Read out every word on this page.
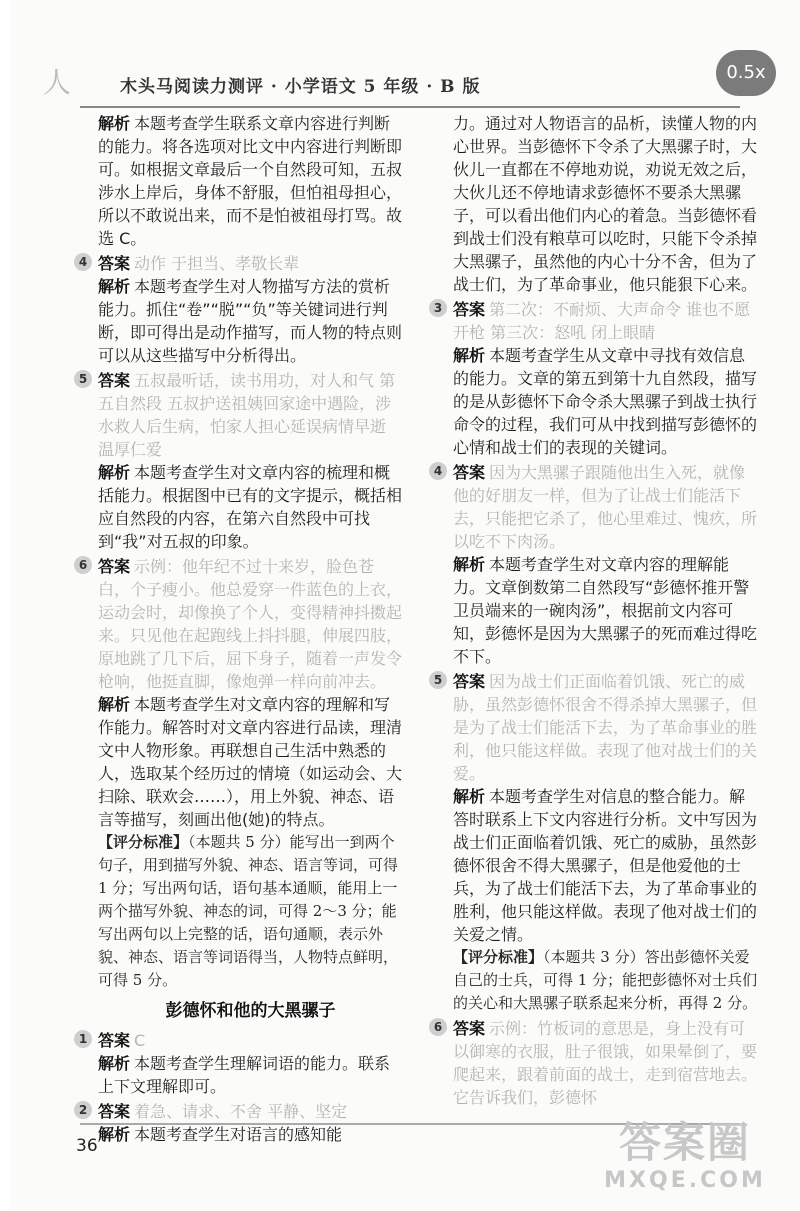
人	木头马阅读力测评 · 小学语文 5 年级 · B 版
0.5x
解析 本题考查学生联系文章内容进行判断的能力。将各选项对比文中内容进行判断即可。如根据文章最后一个自然段可知，五叔涉水上岸后，身体不舒服，但怕祖母担心，所以不敢说出来，而不是怕被祖母打骂。故选 C。
4 答案 动作 于担当、孝敬长辈
解析 本题考查学生对人物描写方法的赏析能力。抓住“卷”“脱”“负”等关键词进行判断，即可得出是动作描写，而人物的特点则可以从这些描写中分析得出。
5 答案 五叔最听话，读书用功，对人和气 第五自然段 五叔护送祖姨回家途中遇险，涉水救人后生病，怕家人担心延误病情早逝 温厚仁爱
解析 本题考查学生对文章内容的梳理和概括能力。根据图中已有的文字提示，概括相应自然段的内容，在第六自然段中可找到“我”对五叔的印象。
6 答案 示例：他年纪不过十来岁，脸色苍白，个子瘦小。他总爱穿一件蓝色的上衣，运动会时，却像换了个人，变得精神抖擞起来。只见他在起跑线上抖抖腿，伸展四肢，原地跳了几下后，屈下身子，随着一声发令枪响，他挺直脚，像炮弹一样向前冲去。
解析 本题考查学生对文章内容的理解和写作能力。解答时对文章内容进行品读，理清文中人物形象。再联想自己生活中熟悉的人，选取某个经历过的情境（如运动会、大扫除、联欢会……），用上外貌、神态、语言等描写，刻画出他(她)的特点。
【评分标准】（本题共 5 分）能写出一到两个句子，用到描写外貌、神态、语言等词，可得 1 分；写出两句话，语句基本通顺，能用上一两个描写外貌、神态的词，可得 2～3 分；能写出两句以上完整的话，语句通顺，表示外貌、神态、语言等词语得当，人物特点鲜明，可得 5 分。
彭德怀和他的大黑骡子
1 答案 C
解析 本题考查学生理解词语的能力。联系上下文理解即可。
2 答案 着急、请求、不舍 平静、坚定
解析 本题考查学生对语言的感知能
力。通过对人物语言的品析，读懂人物的内心世界。当彭德怀下令杀了大黑骡子时，大伙儿一直都在不停地劝说，劝说无效之后，大伙儿还不停地请求彭德怀不要杀大黑骡子，可以看出他们内心的着急。当彭德怀看到战士们没有粮草可以吃时，只能下令杀掉大黑骡子，虽然他的内心十分不舍，但为了战士们，为了革命事业，他只能狠下心来。
3 答案 第二次：不耐烦、大声命令 谁也不愿开枪 第三次：怒吼 闭上眼睛
解析 本题考查学生从文章中寻找有效信息的能力。文章的第五到第十九自然段，描写的是从彭德怀下命令杀大黑骡子到战士执行命令的过程，我们可从中找到描写彭德怀的心情和战士们的表现的关键词。
4 答案 因为大黑骡子跟随他出生入死，就像他的好朋友一样，但为了让战士们能活下去，只能把它杀了，他心里难过、愧疚，所以吃不下肉汤。
解析 本题考查学生对文章内容的理解能力。文章倒数第二自然段写“彭德怀推开警卫员端来的一碗肉汤”，根据前文内容可知，彭德怀是因为大黑骡子的死而难过得吃不下。
5 答案 因为战士们正面临着饥饿、死亡的威胁，虽然彭德怀很舍不得杀掉大黑骡子，但是为了战士们能活下去，为了革命事业的胜利，他只能这样做。表现了他对战士们的关爱。
解析 本题考查学生对信息的整合能力。解答时联系上下文内容进行分析。文中写因为战士们正面临着饥饿、死亡的威胁，虽然彭德怀很舍不得大黑骡子，但是他爱他的士兵，为了战士们能活下去，为了革命事业的胜利，他只能这样做。表现了他对战士们的关爱之情。
【评分标准】（本题共 3 分）答出彭德怀关爱自己的士兵，可得 1 分；能把彭德怀对士兵们的关心和大黑骡子联系起来分析，再得 2 分。
6 答案 示例：竹板词的意思是，身上没有可以御寒的衣服，肚子很饿，如果晕倒了，要爬起来，跟着前面的战士，走到宿营地去。它告诉我们，彭德怀
36	答案圈
MXQE.COM
